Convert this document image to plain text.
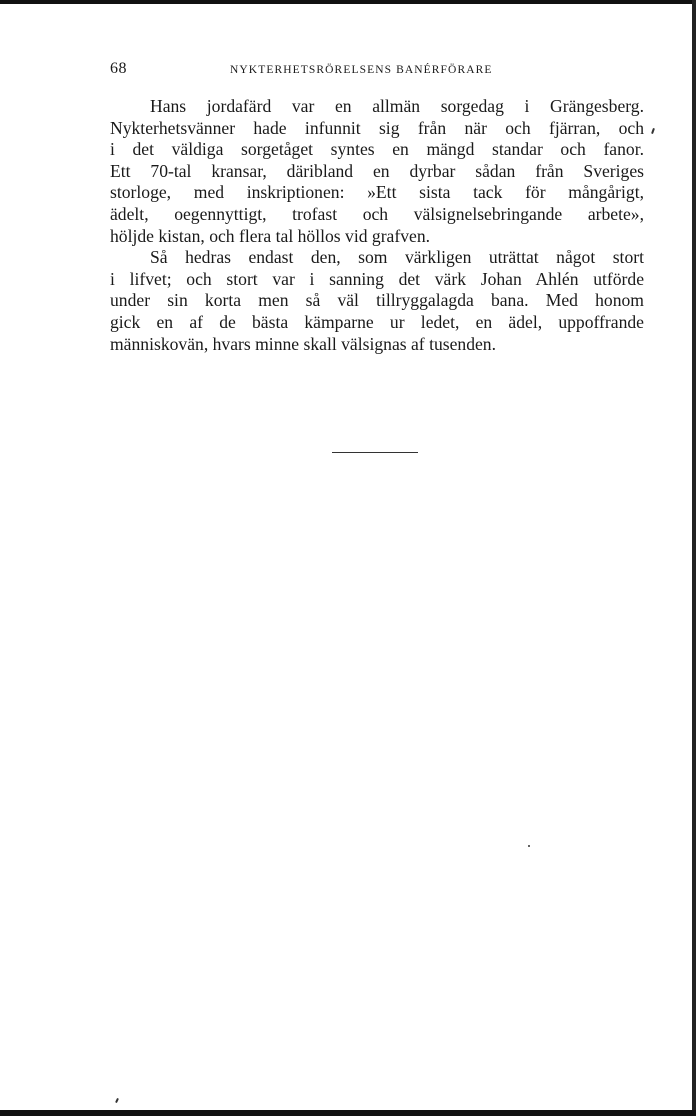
68	NYKTERHETSRÖRELSENS BANÉRFÖRARE
Hans jordafärd var en allmän sorgedag i Grängesberg.
Nykterhetsvänner hade infunnit sig från när och fjärran, och
i det väldiga sorgetåget syntes en mängd standar och fanor.
Ett 70-tal kransar, däribland en dyrbar sådan från Sveriges
storloge, med inskriptionen: »Ett sista tack för mångårigt,
ädelt, oegennyttigt, trofast och välsignelsebringande arbete»,
höljde kistan, och flera tal höllos vid grafven.
Så hedras endast den, som värkligen uträttat något stort
i lifvet; och stort var i sanning det värk Johan Ahlén utförde
under sin korta men så väl tillryggalagda bana. Med honom
gick en af de bästa kämparne ur ledet, en ädel, uppoffrande
människovän, hvars minne skall välsignas af tusenden.
